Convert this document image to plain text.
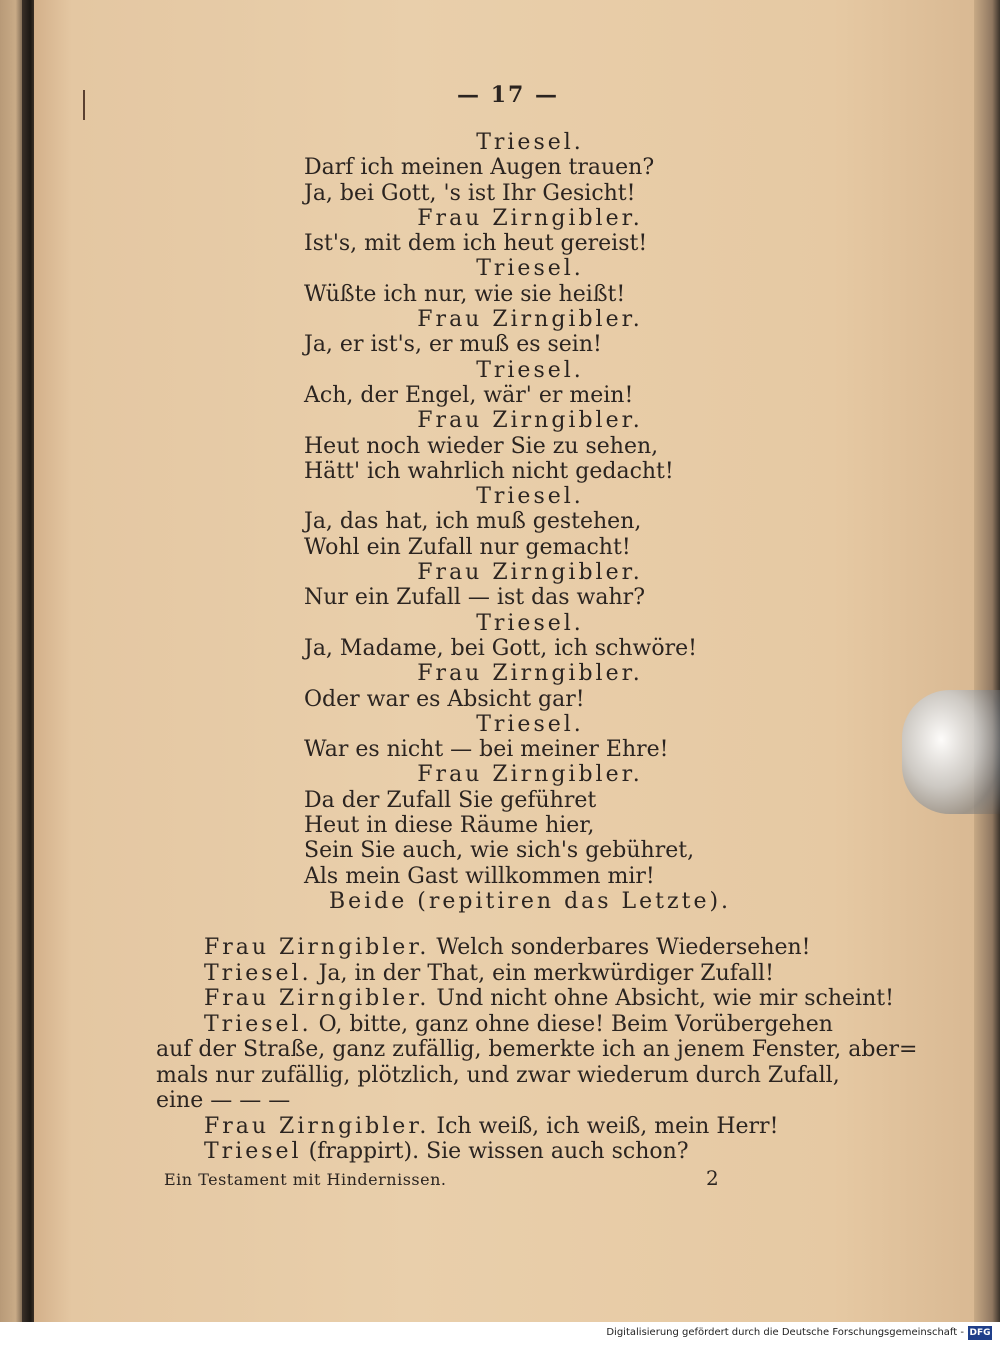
— 17 —
Triesel.
Darf ich meinen Augen trauen?
Ja, bei Gott, 's ist Ihr Gesicht!
Frau Zirngibler.
Ist's, mit dem ich heut gereist!
Triesel.
Wüßte ich nur, wie sie heißt!
Frau Zirngibler.
Ja, er ist's, er muß es sein!
Triesel.
Ach, der Engel, wär' er mein!
Frau Zirngibler.
Heut noch wieder Sie zu sehen,
Hätt' ich wahrlich nicht gedacht!
Triesel.
Ja, das hat, ich muß gestehen,
Wohl ein Zufall nur gemacht!
Frau Zirngibler.
Nur ein Zufall — ist das wahr?
Triesel.
Ja, Madame, bei Gott, ich schwöre!
Frau Zirngibler.
Oder war es Absicht gar!
Triesel.
War es nicht — bei meiner Ehre!
Frau Zirngibler.
Da der Zufall Sie geführet
Heut in diese Räume hier,
Sein Sie auch, wie sich's gebühret,
Als mein Gast willkommen mir!
Beide (repitiren das Letzte).
Frau Zirngibler. Welch sonderbares Wiedersehen!
Triesel. Ja, in der That, ein merkwürdiger Zufall!
Frau Zirngibler. Und nicht ohne Absicht, wie mir scheint!
Triesel. O, bitte, ganz ohne diese! Beim Vorübergehen
auf der Straße, ganz zufällig, bemerkte ich an jenem Fenster, aber=
mals nur zufällig, plötzlich, und zwar wiederum durch Zufall,
eine — — —
Frau Zirngibler. Ich weiß, ich weiß, mein Herr!
Triesel (frappirt). Sie wissen auch schon?
Ein Testament mit Hindernissen.	2
Digitalisierung gefördert durch die Deutsche Forschungsgemeinschaft - DFG
